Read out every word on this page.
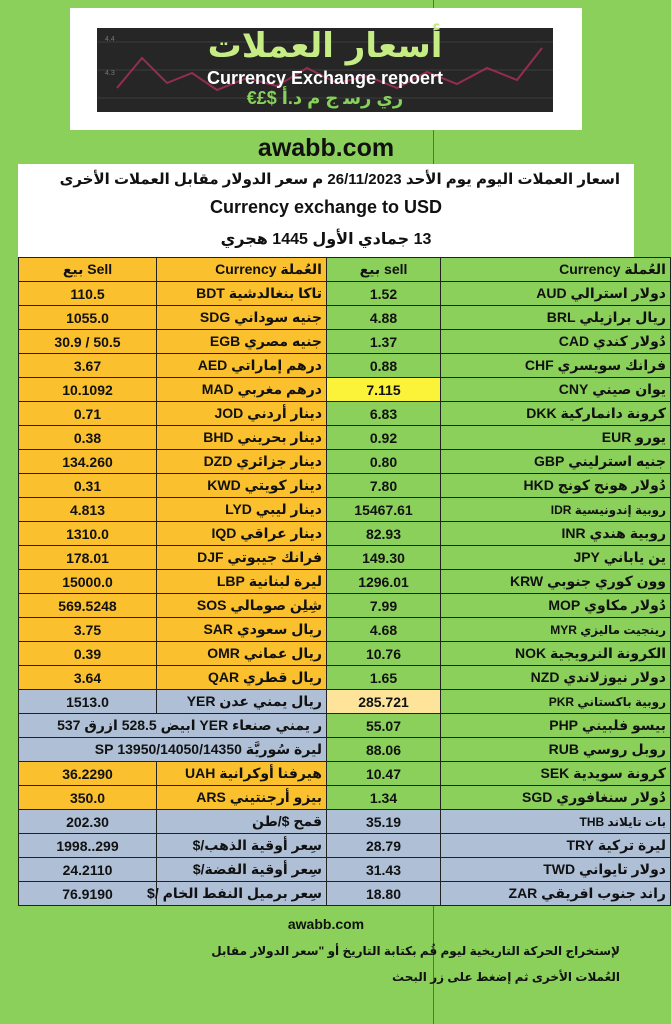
4.4
4.3
أسعار العملات
Currency Exchange repoert
€£$ ري ﺭﺳ ﺝ ﻡ ﺩ.ﺃ
awabb.com
اسعار العملات اليوم يوم الأحد 26/11/2023 م سعر الدولار مقابل العملات الأخرى
Currency exchange to USD
13 جمادي الأول 1445 هجري
بيع Sell	العُملة Currency	بيع sell	العُملة Currency
110.5	تاكا بنغالدشية BDT	1.52	دولار استرالي AUD
1055.0	جنيه سوداني SDG	4.88	ريال برازيلي BRL
30.9 / 50.5	جنيه مصري EGB	1.37	دُولار كندي CAD
3.67	درهم إماراتي AED	0.88	فرانك سويسري CHF
10.1092	درهم مغربي MAD	7.115	يوان صيني CNY
0.71	دينار أردني JOD	6.83	كرونة دانماركية DKK
0.38	دينار بحريني BHD	0.92	يورو EUR
134.260	دينار جزائري DZD	0.80	جنيه استرليني GBP
0.31	دينار كويتي KWD	7.80	دُولار هونج كونج HKD
4.813	دينار ليبي LYD	15467.61	روبية إندونيسية IDR
1310.0	دينار عراقي IQD	82.93	روبية هندي INR
178.01	فرانك جيبوتي DJF	149.30	ين ياباني JPY
15000.0	ليرة لبنانية LBP	1296.01	وون كوري جنوبي KRW
569.5248	شِلِن صومالي SOS	7.99	دُولار مكاوي MOP
3.75	ريال سعودي SAR	4.68	رينجيت ماليزي MYR
0.39	ريال عماني OMR	10.76	الكرونة النرويجية NOK
3.64	ريال قطري QAR	1.65	دولار نيوزلاندي NZD
1513.0	ريال يمني عدن YER	285.721	روبية باكستاني PKR
ر يمني صنعاء YER ابيض 528.5 ازرق 537		55.07	بيسو فلبيني PHP
ليرة سُوريَّة 13950/14050/14350 SP		88.06	روبل روسي RUB
36.2290	هيرفنا أوكرانية UAH	10.47	كرونة سويدية SEK
350.0	بيزو أرجنتيني ARS	1.34	دُولار سنغافوري SGD
202.30	قمح $/طن	35.19	بات تايلاند THB
1998..299	سِعر أوقية الذهب/$	28.79	ليرة تركية TRY
24.2110	سِعر أوقية الفضة/$	31.43	دولار تايواني TWD
76.9190	سِعر برميل النفط الخام /$	18.80	راند جنوب افريقي ZAR
awabb.com
لإستخراج الحركة التاريخية ليوم قُم بكتابة التاريخ أو "سعر الدولار مقابل
العُملات الأخرى ثم إضغط على زر البحث
